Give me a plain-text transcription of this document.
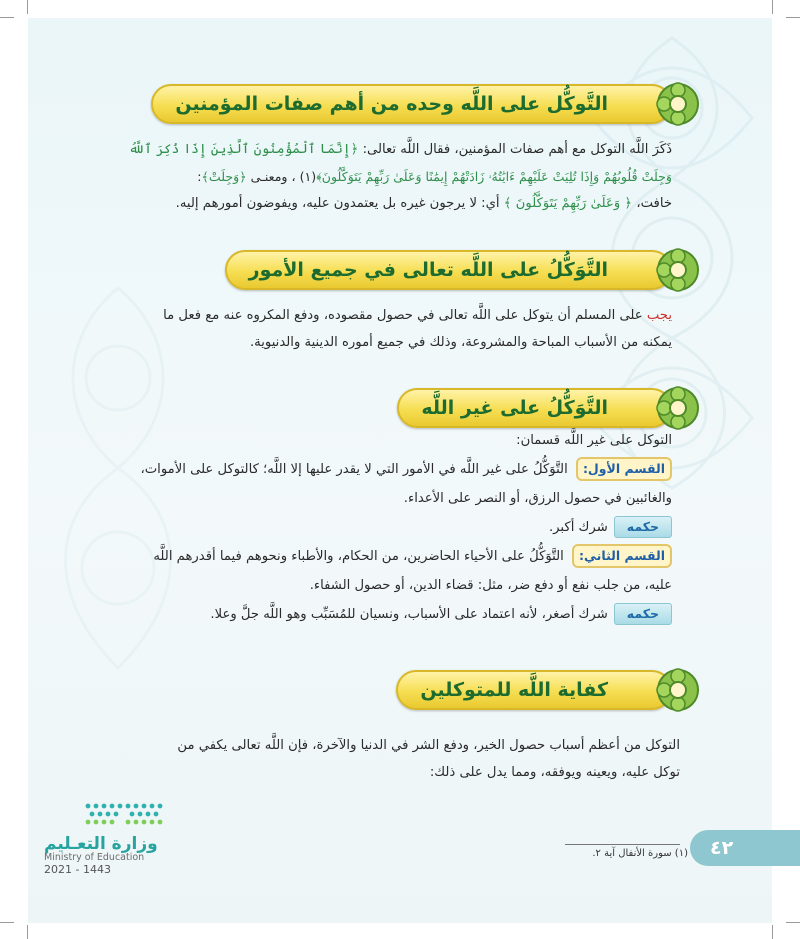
التَّوكُّل على اللَّه وحده من أهم صفات المؤمنين
ذَكَرَ اللَّه التوكل مع أهم صفات المؤمنين، فقال اللَّه تعالى: ﴿إِنَّمَا ٱلْمُؤْمِنُونَ ٱلَّذِينَ إِذَا ذُكِرَ ٱللَّهُ
وَجِلَتْ قُلُوبُهُمْ وَإِذَا تُلِيَتْ عَلَيْهِمْ ءَايَٰتُهُۥ زَادَتْهُمْ إِيمَٰنًا وَعَلَىٰ رَبِّهِمْ يَتَوَكَّلُونَ﴾(١) ، ومعنـى ﴿وَجِلَتْ﴾:
خافت، ﴿ وَعَلَىٰ رَبِّهِمْ يَتَوَكَّلُونَ ﴾ أي: لا يرجون غيره بل يعتمدون عليه، ويفوضون أمورهم إليه.
التَّوَكُّلُ على اللَّه تعالى في جميع الأمور
يجب على المسلم أن يتوكل على اللَّه تعالى في حصول مقصوده، ودفع المكروه عنه مع فعل ما
يمكنه من الأسباب المباحة والمشروعة، وذلك في جميع أموره الدينية والدنيوية.
التَّوَكُّلُ على غير اللَّه
التوكل على غير اللَّه قسمان:
القسم الأول: التَّوَكُّلُ على غير اللَّه في الأمور التي لا يقدر عليها إلا اللَّه؛ كالتوكل على الأموات،
والغائبين في حصول الرزق، أو النصر على الأعداء.
حكمهشرك أكبر.
القسم الثاني: التَّوَكُّلُ على الأحياء الحاضرين، من الحكام، والأطباء ونحوهم فيما أقدرهم اللَّه
عليه، من جلب نفع أو دفع ضر، مثل: قضاء الدين، أو حصول الشفاء.
حكمهشرك أصغر، لأنه اعتماد على الأسباب، ونسيان للمُسَبِّب وهو اللَّه جلَّ وعلا.
كفاية اللَّه للمتوكلين
التوكل من أعظم أسباب حصول الخير، ودفع الشر في الدنيا والآخرة، فإن اللَّه تعالى يكفي من
توكل عليه، ويعينه ويوفقه، ومما يدل على ذلك:
(١) سورة الأنفال آية ٢. ٤٢
وزارة التعـليم
Ministry of Education
2021 - 1443
